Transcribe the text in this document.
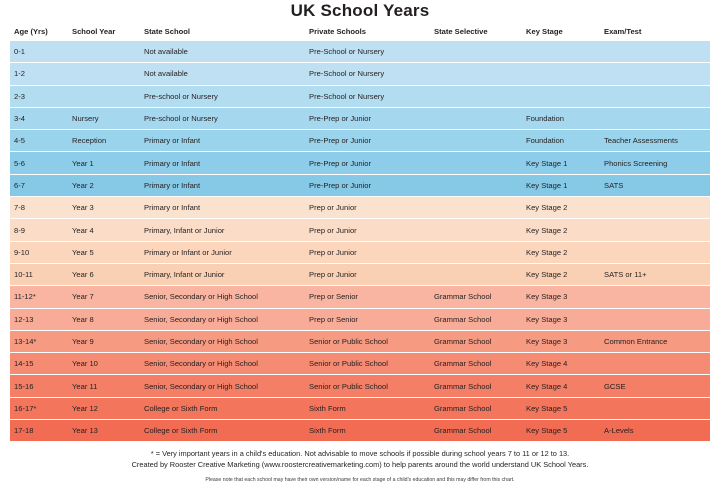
UK School Years
Age (Yrs)	School Year	State School	Private Schools	State Selective	Key Stage	Exam/Test
0-1		Not available	Pre-School or Nursery			
1-2		Not available	Pre-School or Nursery			
2-3		Pre-school or Nursery	Pre-School or Nursery			
3-4	Nursery	Pre-school or Nursery	Pre-Prep or Junior		Foundation	
4-5	Reception	Primary or Infant	Pre-Prep or Junior		Foundation	Teacher Assessments
5-6	Year 1	Primary or Infant	Pre-Prep or Junior		Key Stage 1	Phonics Screening
6-7	Year 2	Primary or Infant	Pre-Prep or Junior		Key Stage 1	SATS
7-8	Year 3	Primary or Infant	Prep or Junior		Key Stage 2	
8-9	Year 4	Primary, Infant or Junior	Prep or Junior		Key Stage 2	
9-10	Year 5	Primary or Infant or Junior	Prep or Junior		Key Stage 2	
10-11	Year 6	Primary, Infant or Junior	Prep or Junior		Key Stage 2	SATS or 11+
11-12*	Year 7	Senior, Secondary or High School	Prep or Senior	Grammar School	Key Stage 3	
12-13	Year 8	Senior, Secondary or High School	Prep or Senior	Grammar School	Key Stage 3	
13-14*	Year 9	Senior, Secondary or High School	Senior or Public School	Grammar School	Key Stage 3	Common Entrance
14-15	Year 10	Senior, Secondary or High School	Senior or Public School	Grammar School	Key Stage 4	
15-16	Year 11	Senior, Secondary or High School	Senior or Public School	Grammar School	Key Stage 4	GCSE
16-17*	Year 12	College or Sixth Form	Sixth Form	Grammar School	Key Stage 5	
17-18	Year 13	College or Sixth Form	Sixth Form	Grammar School	Key Stage 5	A-Levels
* = Very important years in a child's education. Not advisable to move schools if possible during school years 7 to 11 or 12 to 13.
Created by Rooster Creative Marketing (www.roostercreativemarketing.com) to help parents around the world understand UK School Years.
Please note that each school may have their own version/name for each stage of a child's education and this may differ from this chart.
